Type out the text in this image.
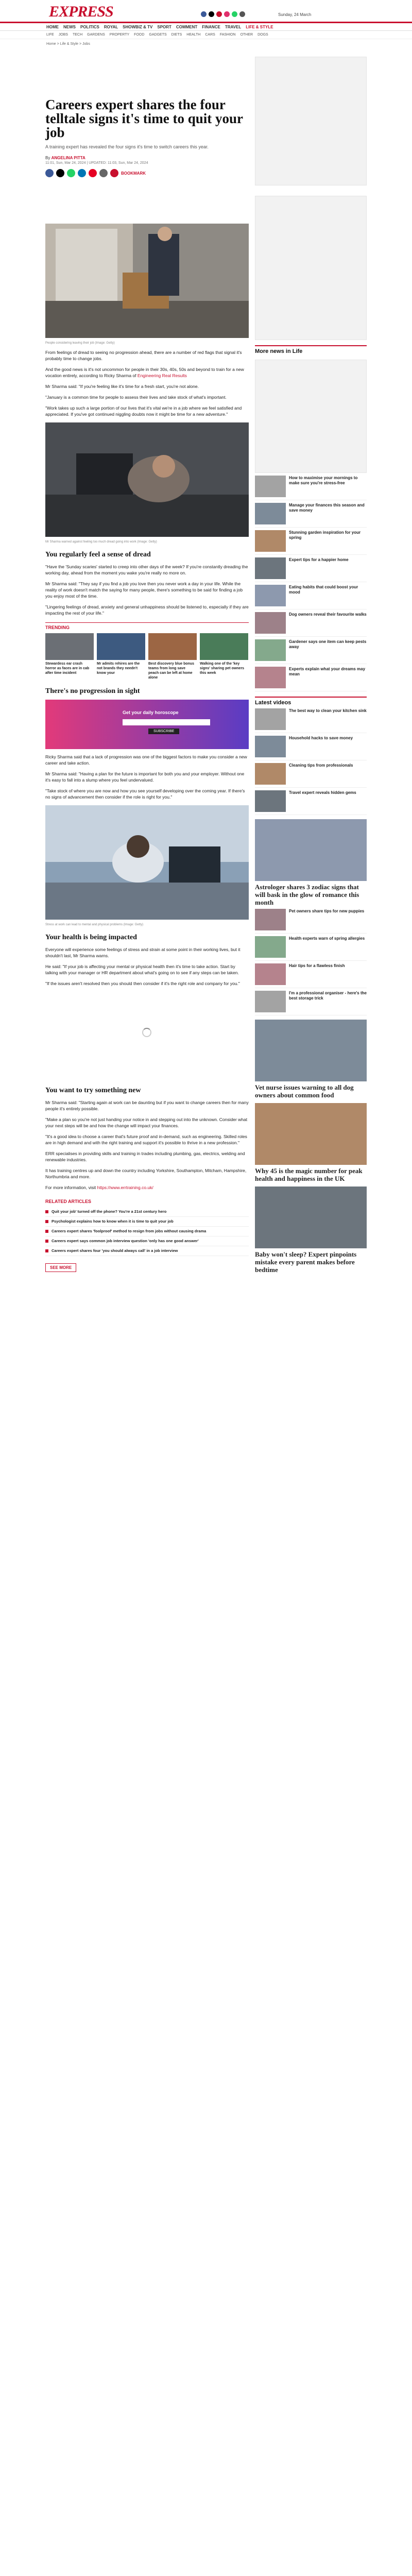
EXPRESS	Sunday, 24 March
HOME NEWS POLITICS ROYAL SHOWBIZ & TV SPORT COMMENT FINANCE TRAVEL LIFE & STYLE
LIFE JOBS TECH GARDENS PROPERTY FOOD GADGETS DIETS HEALTH CARS FASHION OTHER DOGS
Home > Life & Style > Jobs
Careers expert shares the four telltale signs it's time to quit your job
A training expert has revealed the four signs it's time to switch careers this year.
By ANGELINA PITTA
11:01, Sun, Mar 24, 2024 | UPDATED: 11:03, Sun, Mar 24, 2024
BOOKMARK
People considering leaving their job (Image: Getty)

From feelings of dread to seeing no progression ahead, there are a number of red flags that signal it's probably time to change jobs.

And the good news is it's not uncommon for people in their 30s, 40s, 50s and beyond to train for a new vocation entirely, according to Ricky Sharma of Engineering Real Results

Mr Sharma said: "If you're feeling like it's time for a fresh start, you're not alone.

"January is a common time for people to assess their lives and take stock of what's important.

"Work takes up such a large portion of our lives that it's vital we're in a job where we feel satisfied and appreciated. If you've got continued niggling doubts now it might be time for a new adventure."

Mr Sharma warned against feeling too much dread going into work (Image: Getty)
You regularly feel a sense of dread

"Have the 'Sunday scaries' started to creep into other days of the week? If you're constantly dreading the working day, ahead from the moment you wake you're really no more on.

Mr Sharma said: "They say if you find a job you love then you never work a day in your life. While the reality of work doesn't match the saying for many people, there's something to be said for finding a job you enjoy most of the time.

"Lingering feelings of dread, anxiety and general unhappiness should be listened to, especially if they are impacting the rest of your life."

TRENDING
Stewardess ear crash horror as faces are in cab after time incident
Mr admits rehires are the not brands they needn't know your
Best discovery blue bonus teams from long save peach can be left at home alone
Walking one of the 'key signs' sharing pet owners this week
There's no progression in sight
Get your daily horoscope
SUBSCRIBE

Ricky Sharma said that a lack of progression was one of the biggest factors to make you consider a new career and take action.

Mr Sharma said: "Having a plan for the future is important for both you and your employer. Without one it's easy to fall into a slump where you feel undervalued.

"Take stock of where you are now and how you see yourself developing over the coming year. If there's no signs of advancement then consider if the role is right for you."

Stress at work can lead to mental and physical problems (Image: Getty)
Your health is being impacted

Everyone will experience some feelings of stress and strain at some point in their working lives, but it shouldn't last, Mr Sharma warns.

He said: "If your job is affecting your mental or physical health then it's time to take action. Start by talking with your manager or HR department about what's going on to see if any steps can be taken.

"If the issues aren't resolved then you should then consider if it's the right role and company for you."

You want to try something new

Mr Sharma said: "Starting again at work can be daunting but if you want to change careers then for many people it's entirely possible.

"Make a plan so you're not just handing your notice in and stepping out into the unknown. Consider what your next steps will be and how the change will impact your finances.

"It's a good idea to choose a career that's future proof and in-demand, such as engineering. Skilled roles are in high demand and with the right training and support it's possible to thrive in a new profession."

ERR specialises in providing skills and training in trades including plumbing, gas, electrics, welding and renewable industries.

It has training centres up and down the country including Yorkshire, Southampton, Mitcham, Hampshire, Northumbria and more.

For more information, visit https://www.errtraining.co.uk/

RELATED ARTICLES
Quit your job' turned off the phone? You're a 21st century hero
Psychologist explains how to know when it is time to quit your job
Careers expert shares 'foolproof' method to resign from jobs without causing drama
Careers expert says common job interview question 'only has one good answer'
Careers expert shares four 'you should always call' in a job interview
SEE MORE
More news in Life
How to maximise your mornings to make sure you're stress-free
Manage your finances this season and save money
Stunning garden inspiration for your spring
Expert tips for a happier home
Eating habits that could boost your mood
Dog owners reveal their favourite walks
Gardener says one item can keep pests away
Experts explain what your dreams may mean
Latest videos
The best way to clean your kitchen sink
Household hacks to save money
Cleaning tips from professionals
Travel expert reveals hidden gems
Astrologer shares 3 zodiac signs that will bask in the glow of romance this month
Pet owners share tips for new puppies
Health experts warn of spring allergies
Hair tips for a flawless finish
I'm a professional organiser - here's the best storage trick
Vet nurse issues warning to all dog owners about common food
Why 45 is the magic number for peak health and happiness in the UK
Baby won't sleep? Expert pinpoints mistake every parent makes before bedtime
